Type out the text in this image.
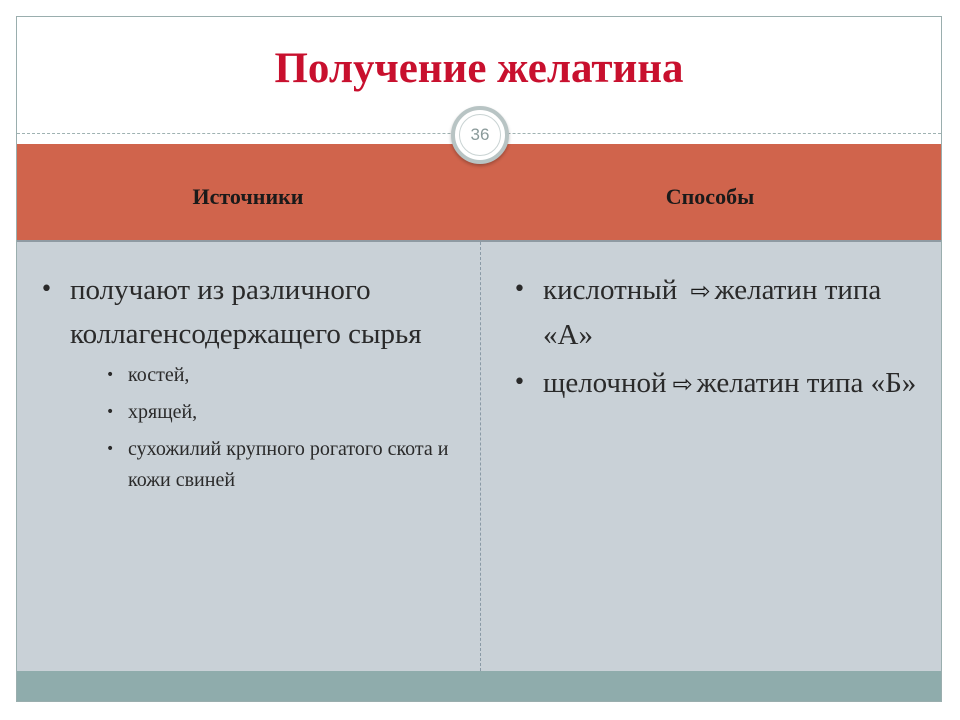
Получение желатина
Источники	Способы
36
• получают из различного коллагенсодержащего сырья
• костей,
• хрящей,
• сухожилий крупного рогатого скота и кожи свиней
• кислотный ⇨ желатин типа «А»
• щелочной ⇨ желатин типа «Б»
